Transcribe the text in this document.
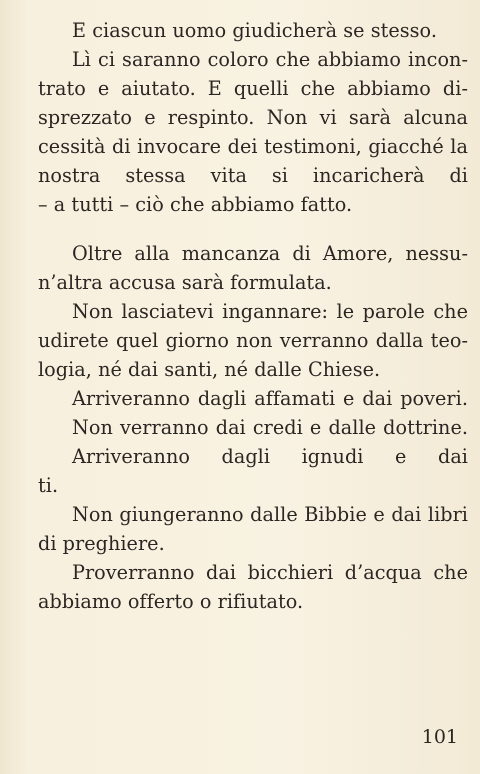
E ciascun uomo giudicherà se stesso.
Lì ci saranno coloro che abbiamo incon-
trato e aiutato. E quelli che abbiamo di-
sprezzato e respinto. Non vi sarà alcuna
cessità di invocare dei testimoni, giacché la
nostra stessa vita si incaricherà di
– a tutti – ciò che abbiamo fatto.
Oltre alla mancanza di Amore, nessu-
n’altra accusa sarà formulata.
Non lasciatevi ingannare: le parole che
udirete quel giorno non verranno dalla teo-
logia, né dai santi, né dalle Chiese.
Arriveranno dagli affamati e dai poveri.
Non verranno dai credi e dalle dottrine.
Arriveranno dagli ignudi e dai
ti.
Non giungeranno dalle Bibbie e dai libri
di preghiere.
Proverranno dai bicchieri d’acqua che
abbiamo offerto o rifiutato.
101
